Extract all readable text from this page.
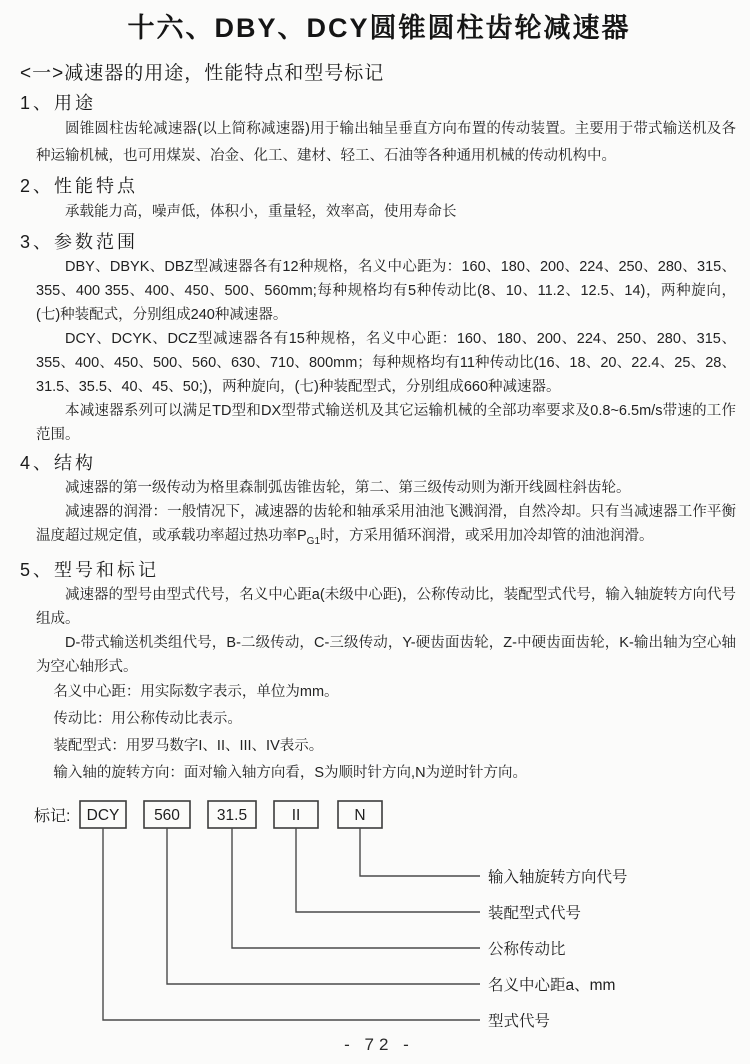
十六、DBY、DCY圆锥圆柱齿轮减速器
<一>减速器的用途，性能特点和型号标记
1、用途

圆锥圆柱齿轮减速器(以上简称减速器)用于输出轴呈垂直方向布置的传动装置。主要用于带式输送机及各种运输机械，也可用煤炭、冶金、化工、建材、轻工、石油等各种通用机械的传动机构中。

2、性能特点

承载能力高，噪声低，体积小，重量轻，效率高，使用寿命长

3、参数范围

DBY、DBYK、DBZ型减速器各有12种规格，名义中心距为：160、180、200、224、250、280、315、355、400 355、400、450、500、560mm;每种规格均有5种传动比(8、10、11.2、12.5、14)，两种旋向，(七)种装配式，分别组成240种减速器。

DCY、DCYK、DCZ型减速器各有15种规格，名义中心距：160、180、200、224、250、280、315、355、400、450、500、560、630、710、800mm；每种规格均有11种传动比(16、18、20、22.4、25、28、31.5、35.5、40、45、50;)，两种旋向，(七)种装配型式，分别组成660种减速器。

本减速器系列可以满足TD型和DX型带式输送机及其它运输机械的全部功率要求及0.8~6.5m/s带速的工作范围。

4、结构

减速器的第一级传动为格里森制弧齿锥齿轮，第二、第三级传动则为渐开线圆柱斜齿轮。

减速器的润滑：一般情况下，减速器的齿轮和轴承采用油池飞溅润滑，自然冷却。只有当减速器工作平衡温度超过规定值，或承载功率超过热功率$P_{G1}$时，方采用循环润滑，或采用加冷却管的油池润滑。

5、型号和标记

减速器的型号由型式代号，名义中心距a(未级中心距)，公称传动比，装配型式代号，输入轴旋转方向代号组成。

D-带式输送机类组代号，B-二级传动，C-三级传动，Y-硬齿面齿轮，Z-中硬齿面齿轮，K-输出轴为空心轴为空心轴形式。

名义中心距：用实际数字表示，单位为mm。

传动比：用公称传动比表示。

装配型式：用罗马数字I、II、III、IV表示。

输入轴的旋转方向：面对输入轴方向看，S为顺时针方向,N为逆时针方向。

标记: DCY 560 31.5	II	N
输入轴旋转方向代号
装配型式代号
公称传动比
名义中心距a、mm
型式代号
- 72 -
